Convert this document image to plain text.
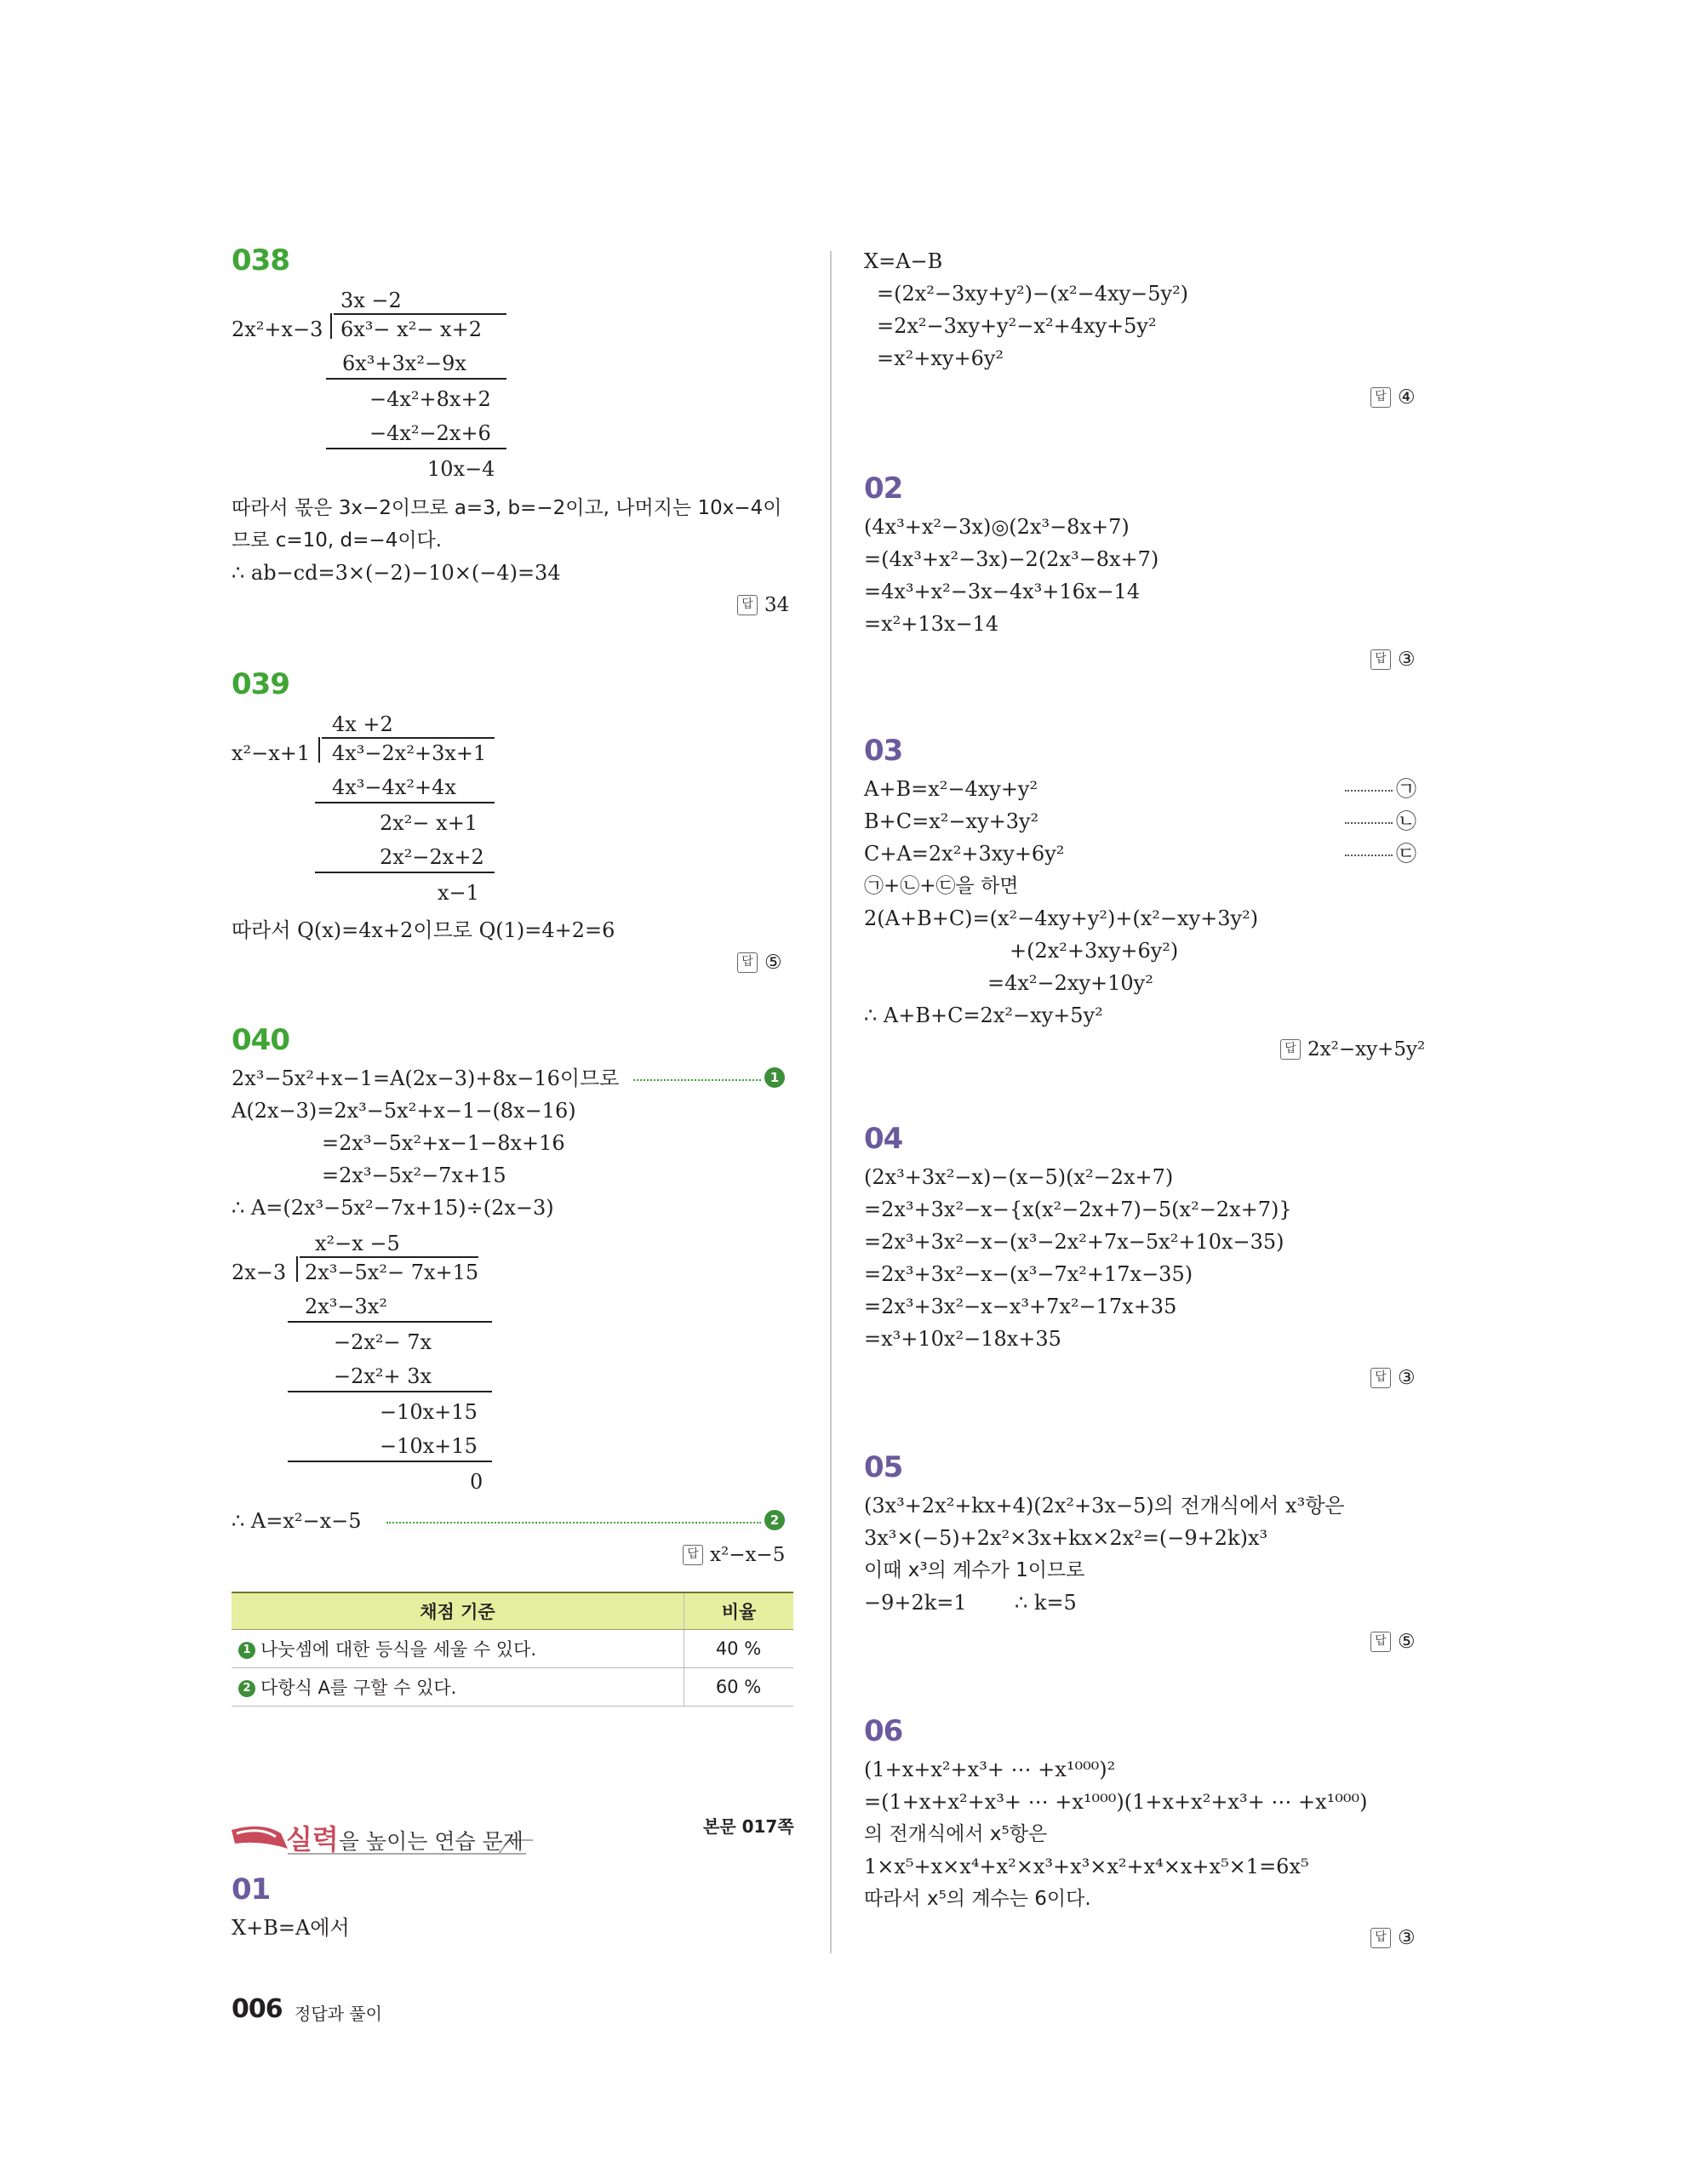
038
3x −2
2x²+x−3 6x³− x²− x+2
6x³+3x²−9x
−4x²+8x+2
−4x²−2x+6
10x−4
따라서 몫은 3x−2이므로 a=3, b=−2이고, 나머지는 10x−4이
므로 c=10, d=−4이다.
∴ ab−cd=3×(−2)−10×(−4)=34
답 34
039
4x +2
x²−x+1 4x³−2x²+3x+1
4x³−4x²+4x
2x²− x+1
2x²−2x+2
x−1
따라서 Q(x)=4x+2이므로 Q(1)=4+2=6
답 ⑤
040
2x³−5x²+x−1=A(2x−3)+8x−16이므로	1
A(2x−3)=2x³−5x²+x−1−(8x−16)
=2x³−5x²+x−1−8x+16
=2x³−5x²−7x+15
∴ A=(2x³−5x²−7x+15)÷(2x−3)
x²−x −5
2x−3 2x³−5x²− 7x+15
2x³−3x²
−2x²− 7x
−2x²+ 3x
−10x+15
−10x+15
0
∴ A=x²−x−5	2
답 x²−x−5
채점 기준	비율
1 나눗셈에 대한 등식을 세울 수 있다.	40 %
2 다항식 A를 구할 수 있다.	60 %
실력을 높이는 연습 문제
본문 017쪽
01
X+B=A에서
006 정답과 풀이
X=A−B
=(2x²−3xy+y²)−(x²−4xy−5y²)
=2x²−3xy+y²−x²+4xy+5y²
=x²+xy+6y²
답 ④
02
(4x³+x²−3x)◎(2x³−8x+7)
=(4x³+x²−3x)−2(2x³−8x+7)
=4x³+x²−3x−4x³+16x−14
=x²+13x−14
답 ③
03
A+B=x²−4xy+y²	㉠
B+C=x²−xy+3y²	㉡
C+A=2x²+3xy+6y²	㉢
㉠+㉡+㉢을 하면
2(A+B+C)=(x²−4xy+y²)+(x²−xy+3y²)
+(2x²+3xy+6y²)
=4x²−2xy+10y²
∴ A+B+C=2x²−xy+5y²
답 2x²−xy+5y²
04
(2x³+3x²−x)−(x−5)(x²−2x+7)
=2x³+3x²−x−{x(x²−2x+7)−5(x²−2x+7)}
=2x³+3x²−x−(x³−2x²+7x−5x²+10x−35)
=2x³+3x²−x−(x³−7x²+17x−35)
=2x³+3x²−x−x³+7x²−17x+35
=x³+10x²−18x+35
답 ③
05
(3x³+2x²+kx+4)(2x²+3x−5)의 전개식에서 x³항은
3x³×(−5)+2x²×3x+kx×2x²=(−9+2k)x³
이때 x³의 계수가 1이므로
−9+2k=1 ∴ k=5
답 ⑤
06
(1+x+x²+x³+ ⋯ +x¹⁰⁰⁰)²
=(1+x+x²+x³+ ⋯ +x¹⁰⁰⁰)(1+x+x²+x³+ ⋯ +x¹⁰⁰⁰)
의 전개식에서 x⁵항은
1×x⁵+x×x⁴+x²×x³+x³×x²+x⁴×x+x⁵×1=6x⁵
따라서 x⁵의 계수는 6이다.
답 ③
